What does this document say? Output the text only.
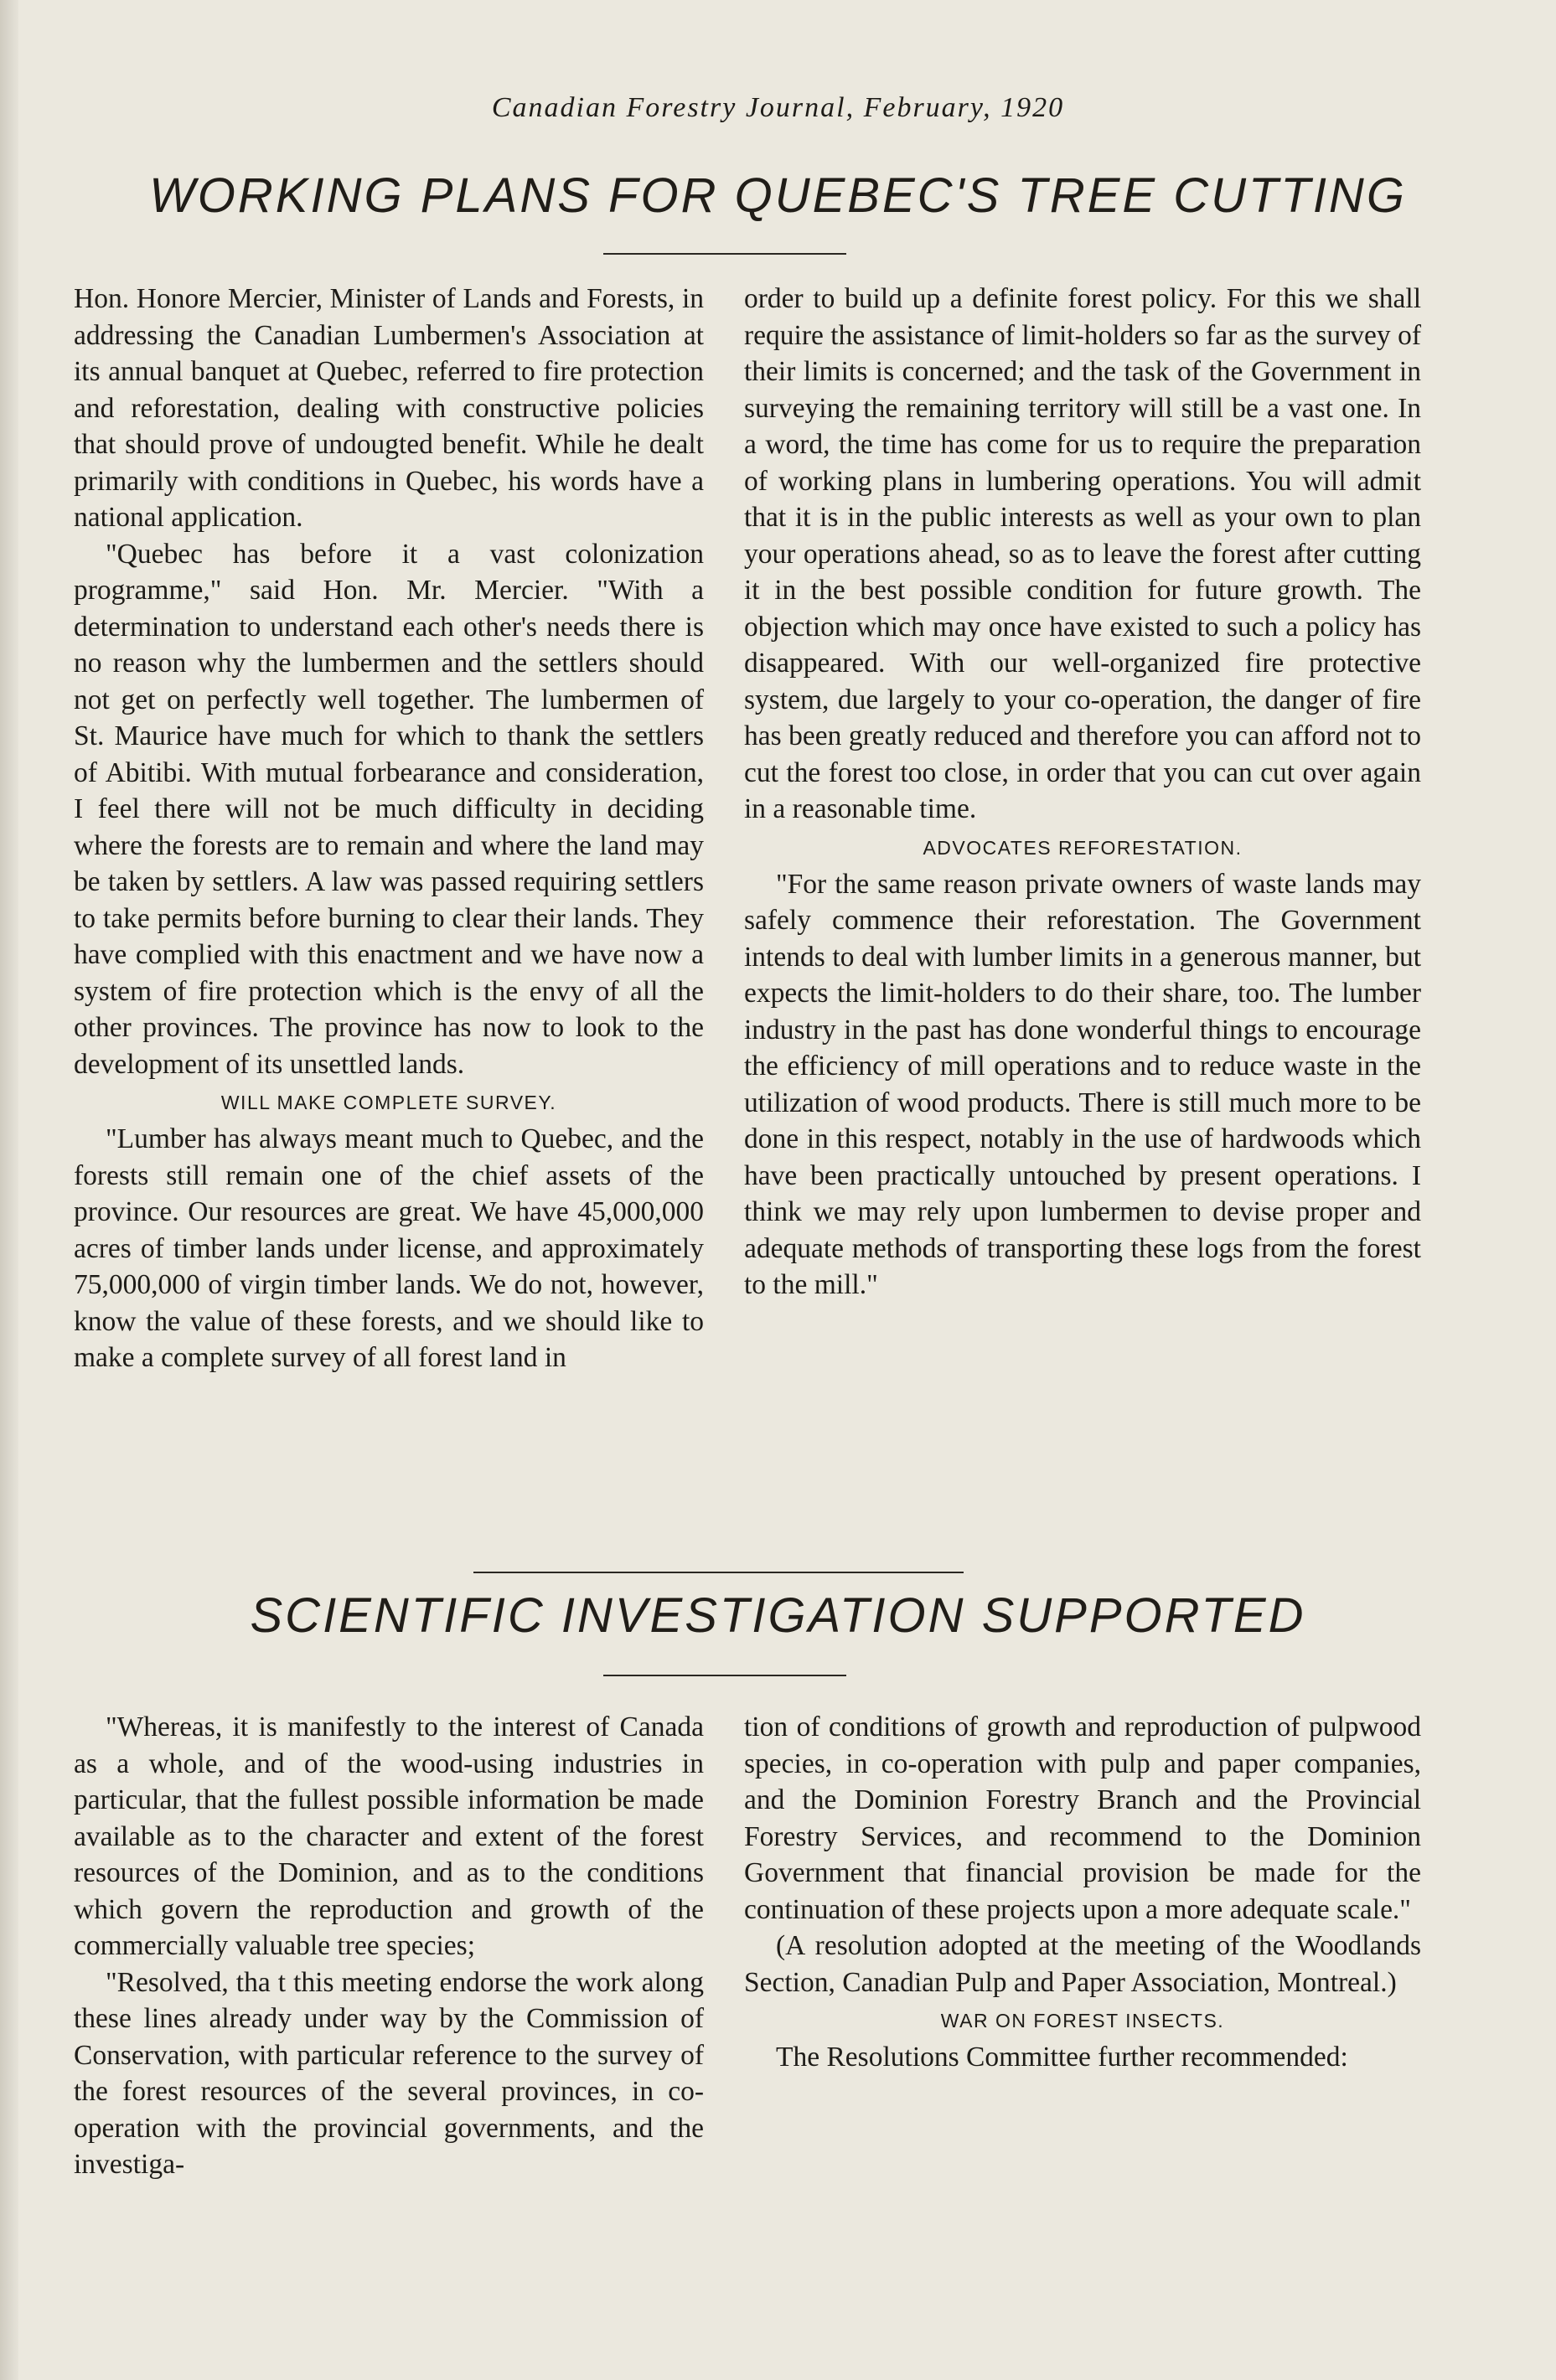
Canadian Forestry Journal, February, 1920
WORKING PLANS FOR QUEBEC'S TREE CUTTING

Hon. Honore Mercier, Minister of Lands and Forests, in addressing the Canadian Lumbermen's Association at its annual banquet at Quebec, referred to fire protection and reforestation, dealing with constructive policies that should prove of undougted benefit. While he dealt primarily with conditions in Quebec, his words have a national application.

"Quebec has before it a vast colonization programme," said Hon. Mr. Mercier. "With a determination to understand each other's needs there is no reason why the lumbermen and the settlers should not get on perfectly well together. The lumbermen of St. Maurice have much for which to thank the settlers of Abitibi. With mutual forbearance and consideration, I feel there will not be much difficulty in deciding where the forests are to remain and where the land may be taken by settlers. A law was passed requiring settlers to take permits before burning to clear their lands. They have complied with this enactment and we have now a system of fire protection which is the envy of all the other provinces. The province has now to look to the development of its unsettled lands.

WILL MAKE COMPLETE SURVEY.

"Lumber has always meant much to Quebec, and the forests still remain one of the chief assets of the province. Our resources are great. We have 45,000,000 acres of timber lands under license, and approximately 75,000,000 of virgin timber lands. We do not, however, know the value of these forests, and we should like to make a complete survey of all forest land in

order to build up a definite forest policy. For this we shall require the assistance of limit-holders so far as the survey of their limits is concerned; and the task of the Government in surveying the remaining territory will still be a vast one. In a word, the time has come for us to require the preparation of working plans in lumbering operations. You will admit that it is in the public interests as well as your own to plan your operations ahead, so as to leave the forest after cutting it in the best possible condition for future growth. The objection which may once have existed to such a policy has disappeared. With our well-organized fire protective system, due largely to your co-operation, the danger of fire has been greatly reduced and therefore you can afford not to cut the forest too close, in order that you can cut over again in a reasonable time.

ADVOCATES REFORESTATION.

"For the same reason private owners of waste lands may safely commence their reforestation. The Government intends to deal with lumber limits in a generous manner, but expects the limit-holders to do their share, too. The lumber industry in the past has done wonderful things to encourage the efficiency of mill operations and to reduce waste in the utilization of wood products. There is still much more to be done in this respect, notably in the use of hardwoods which have been practically untouched by present operations. I think we may rely upon lumbermen to devise proper and adequate methods of transporting these logs from the forest to the mill."

SCIENTIFIC INVESTIGATION SUPPORTED

"Whereas, it is manifestly to the interest of Canada as a whole, and of the wood-using industries in particular, that the fullest possible information be made available as to the character and extent of the forest resources of the Dominion, and as to the conditions which govern the reproduction and growth of the commercially valuable tree species;

"Resolved, tha t this meeting endorse the work along these lines already under way by the Commission of Conservation, with particular reference to the survey of the forest resources of the several provinces, in co-operation with the provincial governments, and the investiga-

tion of conditions of growth and reproduction of pulpwood species, in co-operation with pulp and paper companies, and the Dominion Forestry Branch and the Provincial Forestry Services, and recommend to the Dominion Government that financial provision be made for the continuation of these projects upon a more adequate scale."

(A resolution adopted at the meeting of the Woodlands Section, Canadian Pulp and Paper Association, Montreal.)

WAR ON FOREST INSECTS.

The Resolutions Committee further recommended:
